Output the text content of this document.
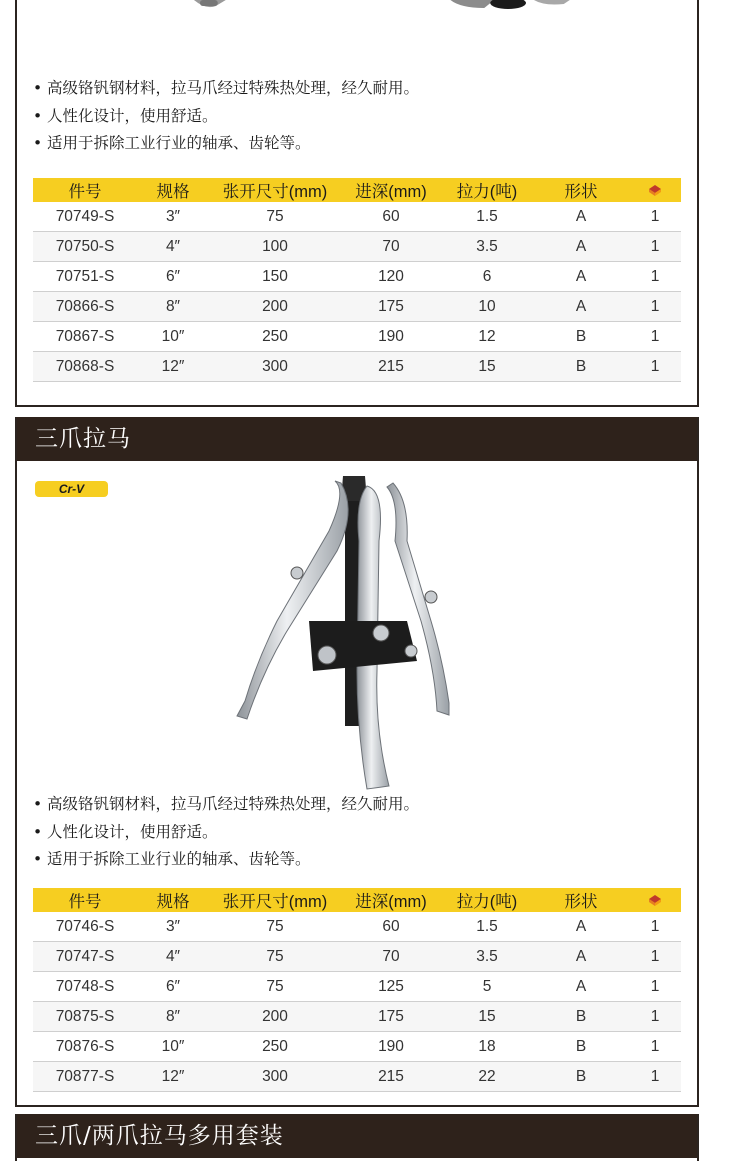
• 高级铬钒钢材料，拉马爪经过特殊热处理，经久耐用。
• 人性化设计，使用舒适。
• 适用于拆除工业行业的轴承、齿轮等。
件号	规格	张开尺寸(mm)	进深(mm)	拉力(吨)	形状	
70749-S	3″	75	60	1.5	A	1
70750-S	4″	100	70	3.5	A	1
70751-S	6″	150	120	6	A	1
70866-S	8″	200	175	10	A	1
70867-S	10″	250	190	12	B	1
70868-S	12″	300	215	15	B	1
三爪拉马
Cr-V
• 高级铬钒钢材料，拉马爪经过特殊热处理，经久耐用。
• 人性化设计，使用舒适。
• 适用于拆除工业行业的轴承、齿轮等。
件号	规格	张开尺寸(mm)	进深(mm)	拉力(吨)	形状	
70746-S	3″	75	60	1.5	A	1
70747-S	4″	75	70	3.5	A	1
70748-S	6″	75	125	5	A	1
70875-S	8″	200	175	15	B	1
70876-S	10″	250	190	18	B	1
70877-S	12″	300	215	22	B	1
三爪/两爪拉马多用套装
